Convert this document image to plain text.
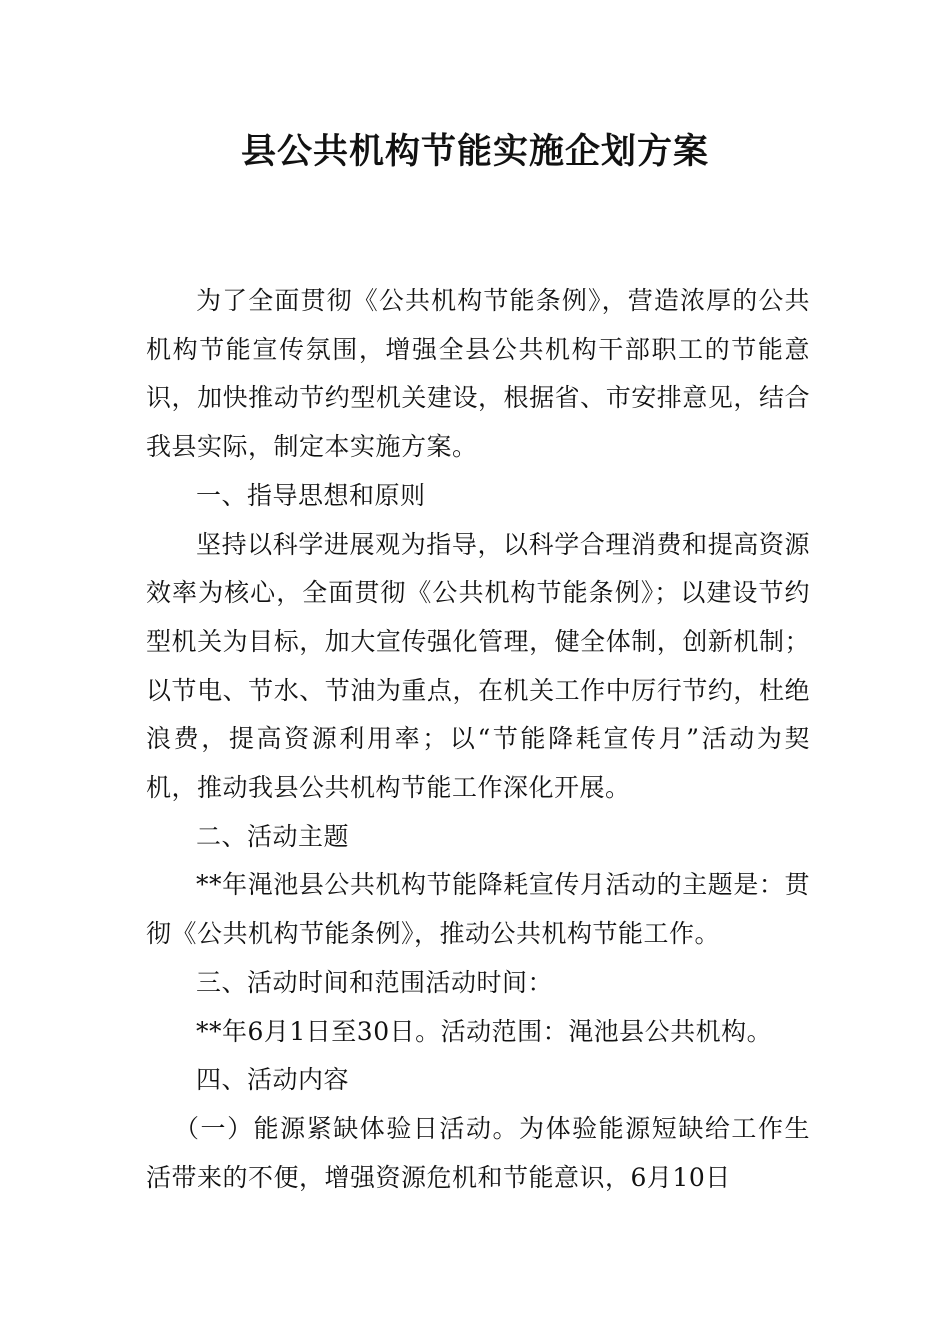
县公共机构节能实施企划方案

为了全面贯彻《公共机构节能条例》，营造浓厚的公共机构节能宣传氛围，增强全县公共机构干部职工的节能意识，加快推动节约型机关建设，根据省、市安排意见，结合我县实际，制定本实施方案。

一、指导思想和原则

坚持以科学进展观为指导，以科学合理消费和提高资源效率为核心，全面贯彻《公共机构节能条例》；以建设节约型机关为目标，加大宣传强化管理，健全体制，创新机制；以节电、节水、节油为重点，在机关工作中厉行节约，杜绝浪费，提高资源利用率；以“节能降耗宣传月”活动为契机，推动我县公共机构节能工作深化开展。

二、活动主题

**年渑池县公共机构节能降耗宣传月活动的主题是：贯彻《公共机构节能条例》，推动公共机构节能工作。

三、活动时间和范围活动时间：

**年6月1日至30日。活动范围：渑池县公共机构。

四、活动内容

（一）能源紧缺体验日活动。为体验能源短缺给工作生活带来的不便，增强资源危机和节能意识，6月10日
